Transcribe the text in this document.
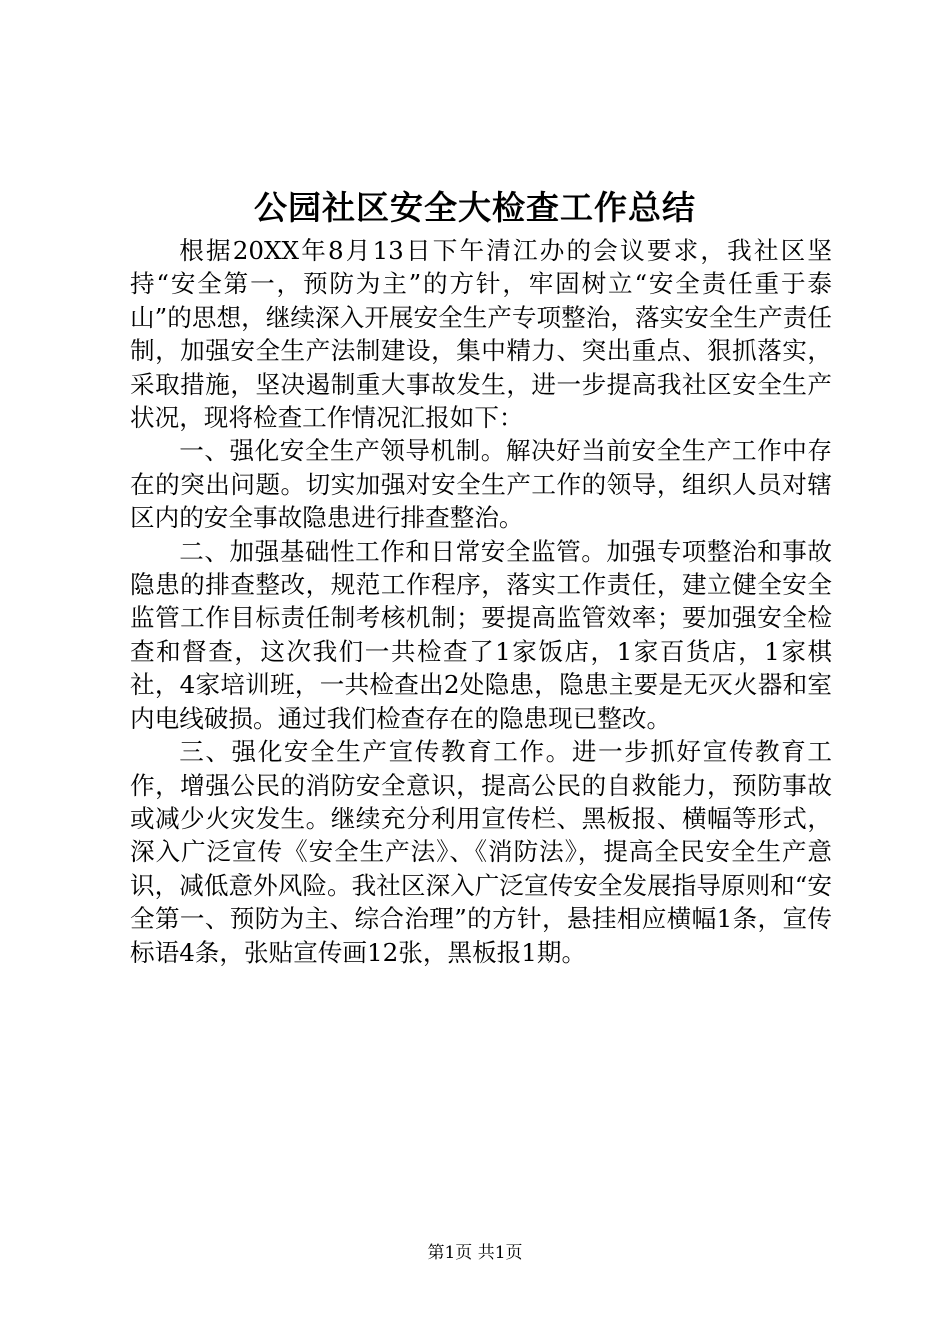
公园社区安全大检查工作总结

根据20XX年8月13日下午清江办的会议要求，我社区坚持“安全第一，预防为主”的方针，牢固树立“安全责任重于泰山”的思想，继续深入开展安全生产专项整治，落实安全生产责任制，加强安全生产法制建设，集中精力、突出重点、狠抓落实，采取措施，坚决遏制重大事故发生，进一步提高我社区安全生产状况，现将检查工作情况汇报如下：

一、强化安全生产领导机制。解决好当前安全生产工作中存在的突出问题。切实加强对安全生产工作的领导，组织人员对辖区内的安全事故隐患进行排查整治。

二、加强基础性工作和日常安全监管。加强专项整治和事故隐患的排查整改，规范工作程序，落实工作责任，建立健全安全监管工作目标责任制考核机制；要提高监管效率；要加强安全检查和督查，这次我们一共检查了1家饭店，1家百货店，1家棋社，4家培训班，一共检查出2处隐患，隐患主要是无灭火器和室内电线破损。通过我们检查存在的隐患现已整改。

三、强化安全生产宣传教育工作。进一步抓好宣传教育工作，增强公民的消防安全意识，提高公民的自救能力，预防事故或减少火灾发生。继续充分利用宣传栏、黑板报、横幅等形式，深入广泛宣传《安全生产法》、《消防法》，提高全民安全生产意识，减低意外风险。我社区深入广泛宣传安全发展指导原则和“安全第一、预防为主、综合治理”的方针，悬挂相应横幅1条，宣传标语4条，张贴宣传画12张，黑板报1期。

第1页 共1页
